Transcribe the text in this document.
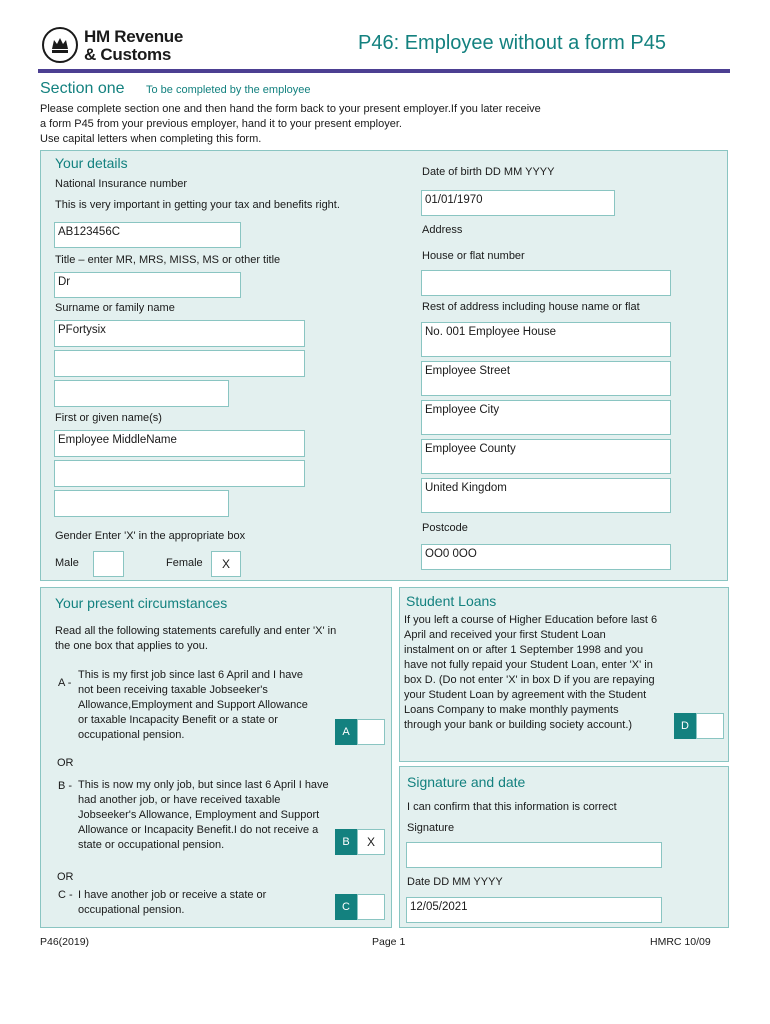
HM Revenue
& Customs
P46: Employee without a form P45
Section one To be completed by the employee
Please complete section one and then hand the form back to your present employer.If you later receive
a form P45 from your previous employer, hand it to your present employer.
Use capital letters when completing this form.
Your details
National Insurance number
This is very important in getting your tax and benefits right.
AB123456C
Title – enter MR, MRS, MISS, MS or other title
Dr
Surname or family name
PFortysix
First or given name(s)
Employee MiddleName
Gender Enter 'X' in the appropriate box
Male	Female	X
Date of birth DD MM YYYY
01/01/1970
Address
House or flat number
Rest of address including house name or flat
No. 001 Employee House
Employee Street
Employee City
Employee County
United Kingdom
Postcode
OO0 0OO
Your present circumstances
Read all the following statements carefully and enter 'X' in the one box that applies to you.
A -
This is my first job since last 6 April and I have not been receiving taxable Jobseeker's Allowance,Employment and Support Allowance or taxable Incapacity Benefit or a state or occupational pension.	A
OR
B - This is now my only job, but since last 6 April I have had another job, or have received taxable Jobseeker's Allowance, Employment and Support Allowance or Incapacity Benefit.I do not receive a state or occupational pension.	B	X
OR
C - I have another job or receive a state or occupational pension.	C
Student Loans
If you left a course of Higher Education before last 6 April and received your first Student Loan instalment on or after 1 September 1998 and you have not fully repaid your Student Loan, enter 'X' in box D. (Do not enter 'X' in box D if you are repaying your Student Loan by agreement with the Student Loans Company to make monthly payments through your bank or building society account.)	D
Signature and date
I can confirm that this information is correct
Signature
Date DD MM YYYY
12/05/2021
P46(2019)	Page 1	HMRC 10/09
